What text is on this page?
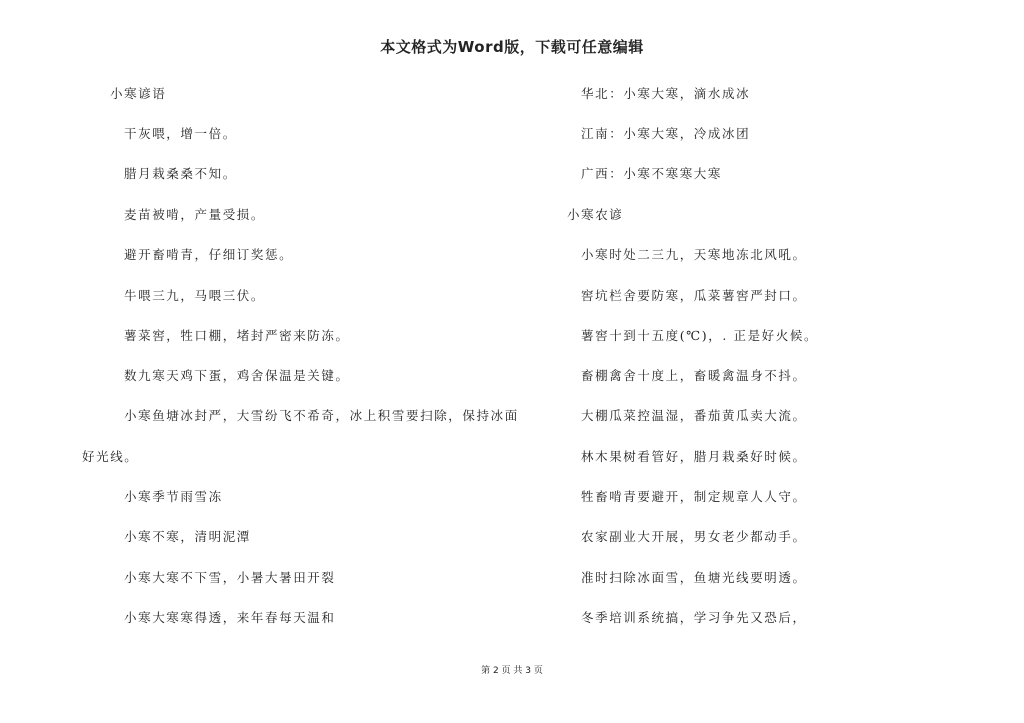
本文格式为Word版，下载可任意编辑
小寒谚语
干灰喂，增一倍。
腊月栽桑桑不知。
麦苗被啃，产量受损。
避开畜啃青，仔细订奖惩。
牛喂三九，马喂三伏。
薯菜窖，牲口棚，堵封严密来防冻。
数九寒天鸡下蛋，鸡舍保温是关键。
小寒鱼塘冰封严，大雪纷飞不希奇，冰上积雪要扫除，保持冰面
好光线。
小寒季节雨雪冻
小寒不寒，清明泥潭
小寒大寒不下雪，小暑大暑田开裂
小寒大寒寒得透，来年春每天温和
华北：小寒大寒，滴水成冰
江南：小寒大寒，冷成冰团
广西：小寒不寒寒大寒
小寒农谚
小寒时处二三九，天寒地冻北风吼。
窖坑栏舍要防寒，瓜菜薯窖严封口。
薯窖十到十五度(℃)，. 正是好火候。
畜棚禽舍十度上，畜暖禽温身不抖。
大棚瓜菜控温湿，番茄黄瓜卖大流。
林木果树看管好，腊月栽桑好时候。
牲畜啃青要避开，制定规章人人守。
农家副业大开展，男女老少都动手。
准时扫除冰面雪，鱼塘光线要明透。
冬季培训系统搞，学习争先又恐后，
第 2 页 共 3 页
